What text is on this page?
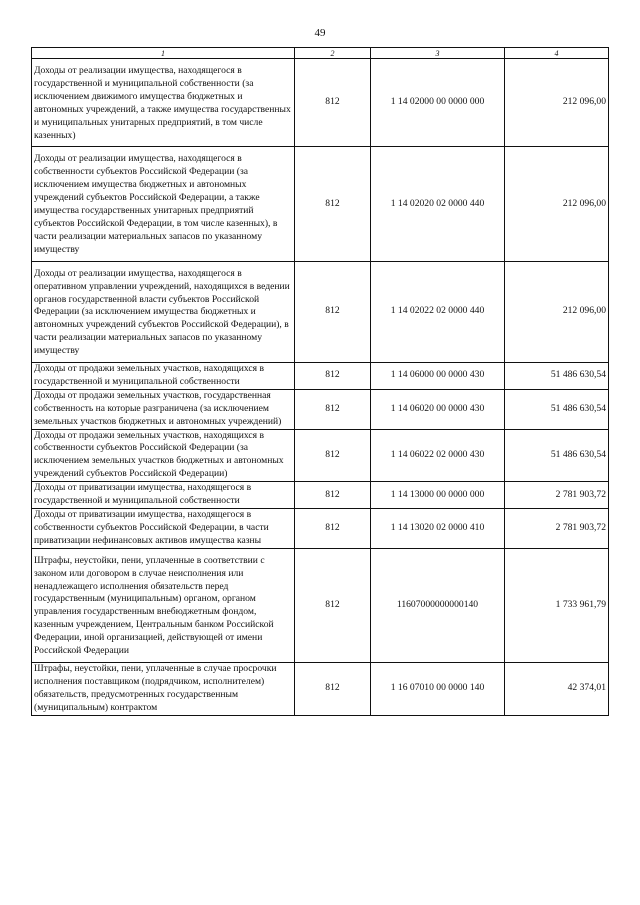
49
1	2	3	4
Доходы от реализации имущества, находящегося в государственной и муниципальной собственности (за исключением движимого имущества бюджетных и автономных учреждений, а также имущества государственных и муниципальных унитарных предприятий, в том числе казенных)	812	1 14 02000 00 0000 000	212 096,00
Доходы от реализации имущества, находящегося в собственности субъектов Российской Федерации (за исключением имущества бюджетных и автономных учреждений субъектов Российской Федерации, а также имущества государственных унитарных предприятий субъектов Российской Федерации, в том числе казенных), в части реализации материальных запасов по указанному имуществу	812	1 14 02020 02 0000 440	212 096,00
Доходы от реализации имущества, находящегося в оперативном управлении учреждений, находящихся в ведении органов государственной власти субъектов Российской Федерации (за исключением имущества бюджетных и автономных учреждений субъектов Российской Федерации), в части реализации материальных запасов по указанному имуществу	812	1 14 02022 02 0000 440	212 096,00
Доходы от продажи земельных участков, находящихся в государственной и муниципальной собственности	812	1 14 06000 00 0000 430	51 486 630,54
Доходы от продажи земельных участков, государственная собственность на которые разграничена (за исключением земельных участков бюджетных и автономных учреждений)	812	1 14 06020 00 0000 430	51 486 630,54
Доходы от продажи земельных участков, находящихся в собственности субъектов Российской Федерации (за исключением земельных участков бюджетных и автономных учреждений субъектов Российской Федерации)	812	1 14 06022 02 0000 430	51 486 630,54
Доходы от приватизации имущества, находящегося в государственной и муниципальной собственности	812	1 14 13000 00 0000 000	2 781 903,72
Доходы от приватизации имущества, находящегося в собственности субъектов Российской Федерации, в части приватизации нефинансовых активов имущества казны	812	1 14 13020 02 0000 410	2 781 903,72
Штрафы, неустойки, пени, уплаченные в соответствии с законом или договором в случае неисполнения или ненадлежащего исполнения обязательств перед государственным (муниципальным) органом, органом управления государственным внебюджетным фондом, казенным учреждением, Центральным банком Российской Федерации, иной организацией, действующей от имени Российской Федерации	812	11607000000000140	1 733 961,79
Штрафы, неустойки, пени, уплаченные в случае просрочки исполнения поставщиком (подрядчиком, исполнителем) обязательств, предусмотренных государственным (муниципальным) контрактом	812	1 16 07010 00 0000 140	42 374,01
